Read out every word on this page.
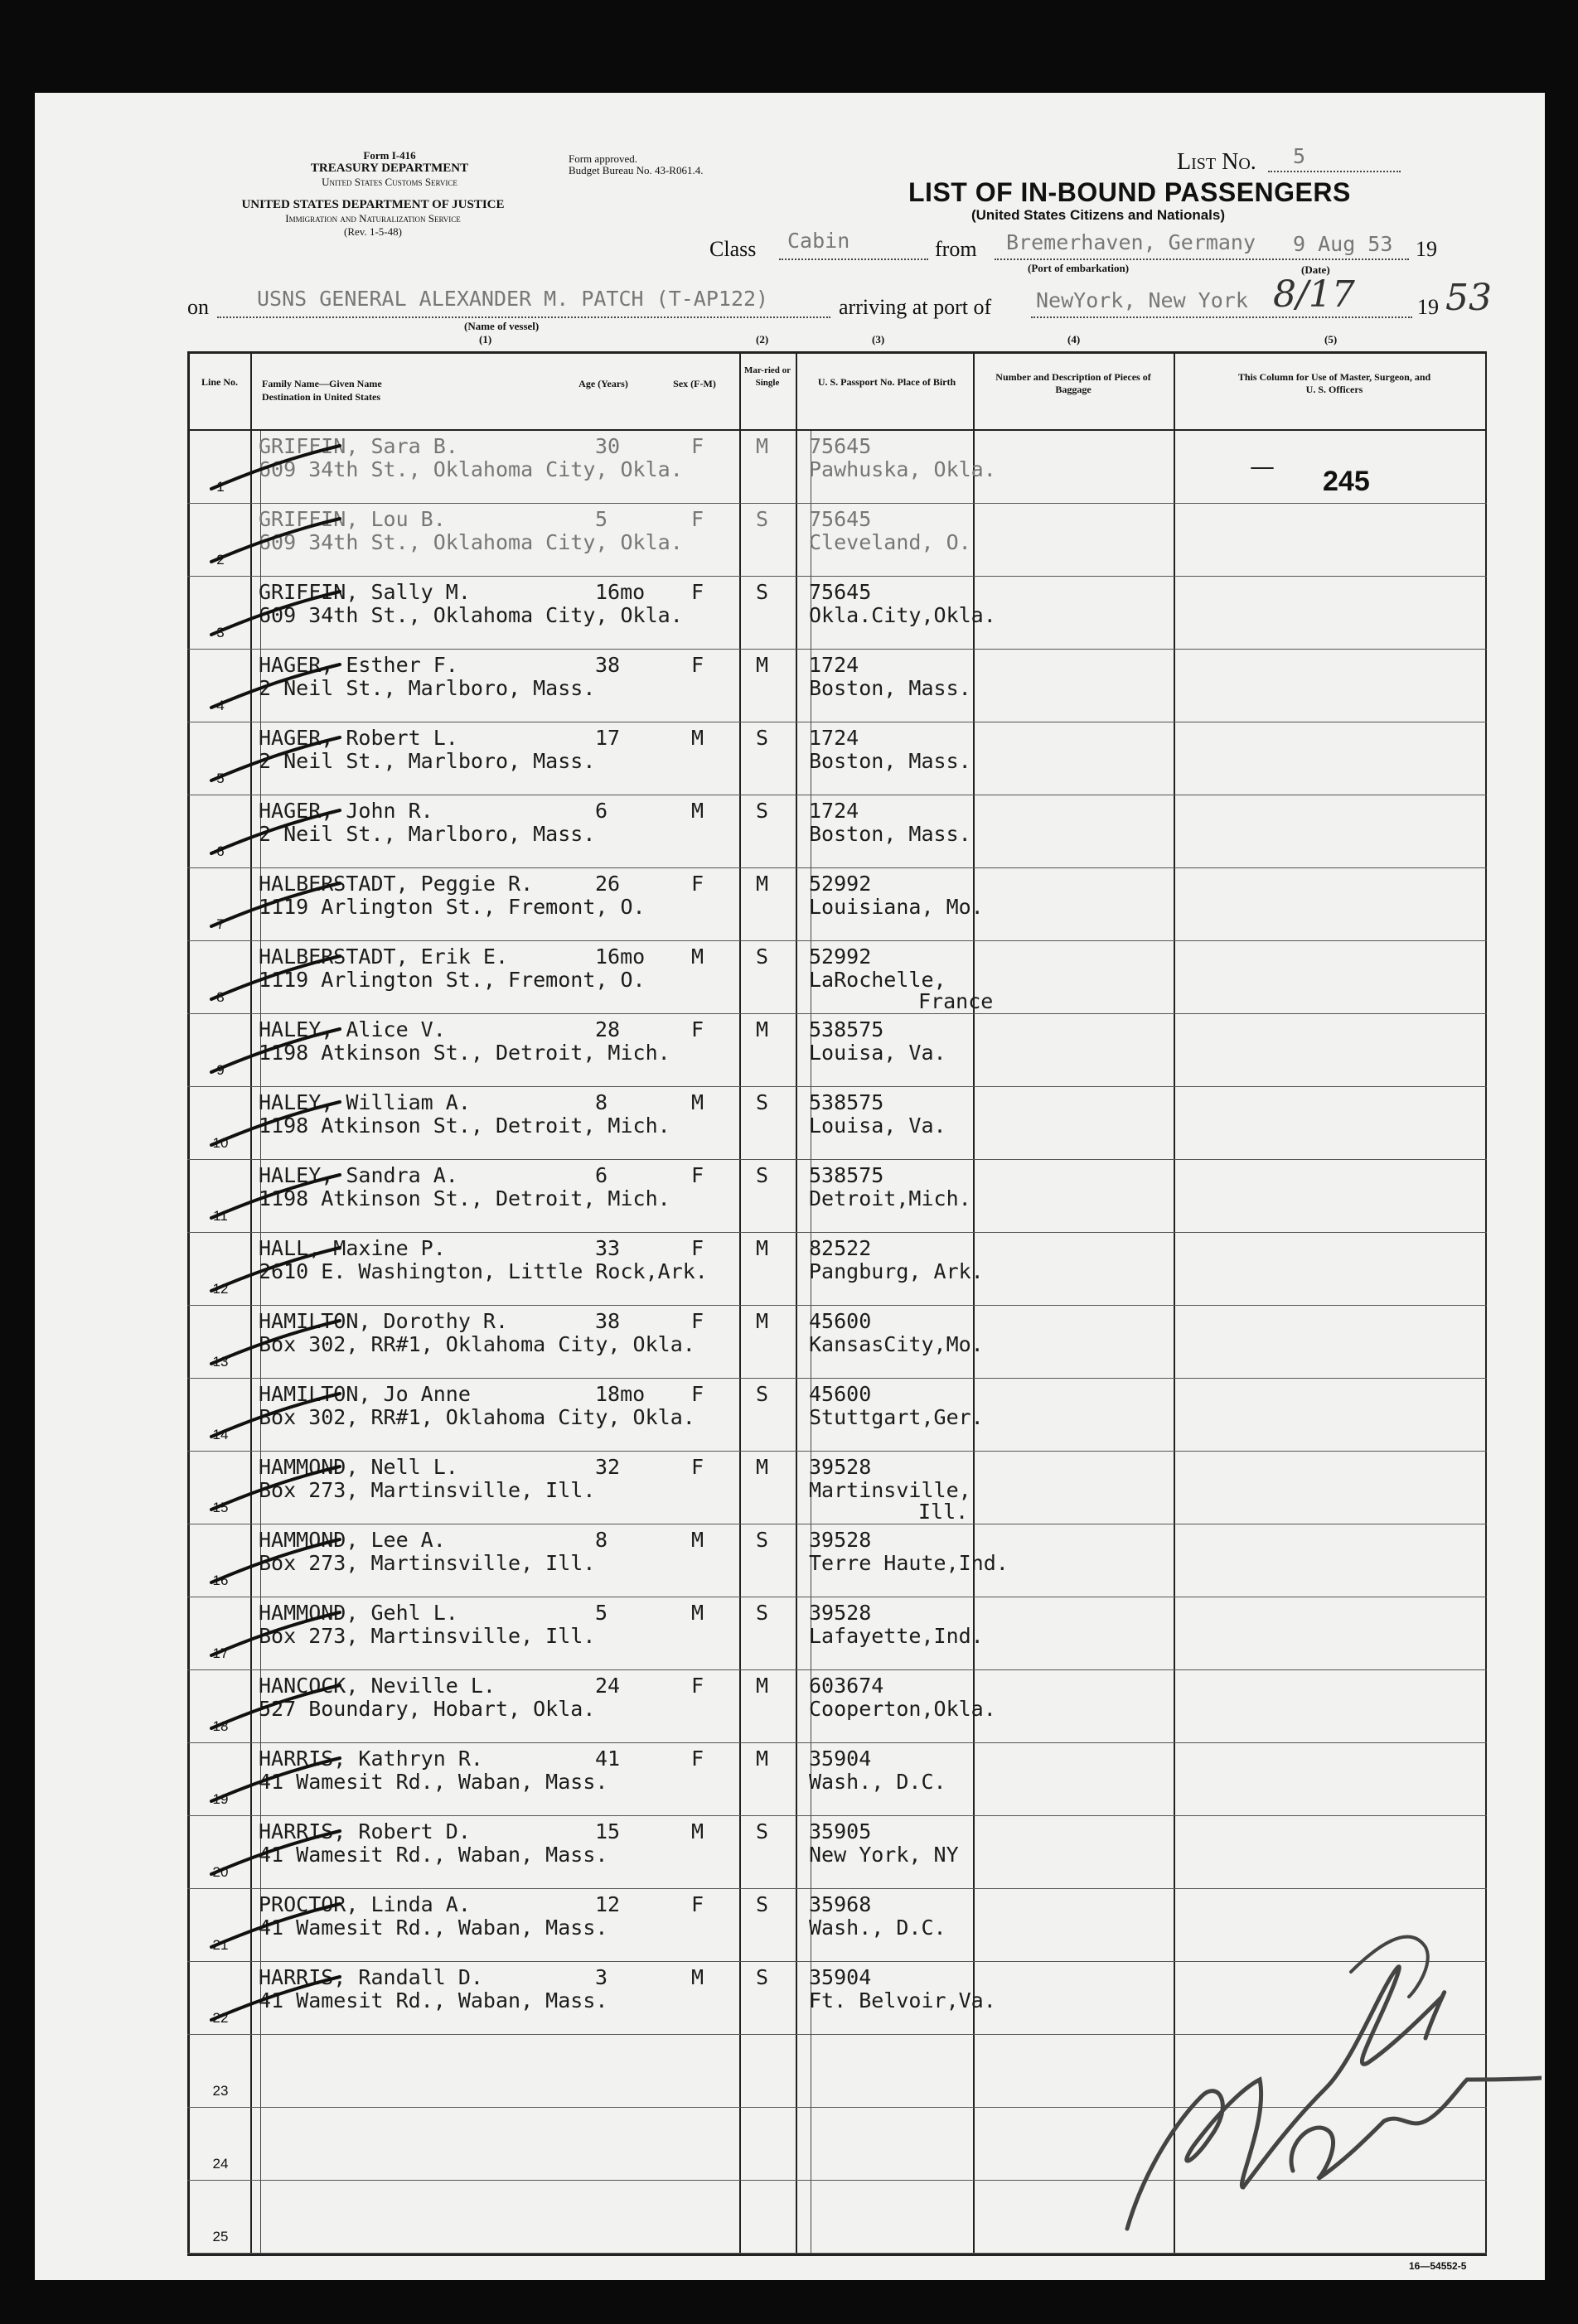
Form I-416
TREASURY DEPARTMENT
United States Customs Service
UNITED STATES DEPARTMENT OF JUSTICE
Immigration and Naturalization Service
(Rev. 1-5-48)
Form approved.
Budget Bureau No. 43-R061.4.	List No. 5
LIST OF IN-BOUND PASSENGERS
(United States Citizens and Nationals)
Class Cabin	from Bremerhaven, Germany 9 Aug 53 19
(Port of embarkation)	(Date)
on USNS GENERAL ALEXANDER M. PATCH (T-AP122)
(Name of vessel)
arriving at port of NewYork, New York 8/17	19 53
(1)	(2)	(3)	(4)	(5)
Line No.	Family Name—Given Name
Destination in United States
Age (Years)	Sex (F-M)
Mar-ried or Single	U. S. Passport No. Place of Birth	Number and Description of Pieces of Baggage
This Column for Use of Master, Surgeon, and U. S. Officers
1
GRIFFIN, Sara B.
609 34th St., Oklahoma City, Okla.
30	F	M 75645
Pawhuska, Okla.
2
GRIFFIN, Lou B.
609 34th St., Oklahoma City, Okla.
5	F	S 75645
Cleveland, O.
3
GRIFFIN, Sally M.
609 34th St., Oklahoma City, Okla.
16mo F	S 75645
Okla.City,Okla.
4
HAGER, Esther F.
2 Neil St., Marlboro, Mass.
38	F	M 1724
Boston, Mass.
5
HAGER, Robert L.
2 Neil St., Marlboro, Mass.
17	M	S 1724
Boston, Mass.
6
HAGER, John R.
2 Neil St., Marlboro, Mass.
6	M	S 1724
Boston, Mass.
7
HALBERSTADT, Peggie R.
1119 Arlington St., Fremont, O.
26	F	M 52992
Louisiana, Mo.
8
HALBERSTADT, Erik E.
1119 Arlington St., Fremont, O.
16mo M	S 52992
LaRochelle,
France
9
HALEY, Alice V.
1198 Atkinson St., Detroit, Mich.
28	F	M 538575
Louisa, Va.
10
HALEY, William A.
1198 Atkinson St., Detroit, Mich.
8	M	S 538575
Louisa, Va.
11
HALEY, Sandra A.
1198 Atkinson St., Detroit, Mich.
6	F	S 538575
Detroit,Mich.
12
HALL, Maxine P.
2610 E. Washington, Little Rock,Ark.
33	F	M 82522
Pangburg, Ark.
13
HAMILTON, Dorothy R.
Box 302, RR#1, Oklahoma City, Okla.
38	F	M 45600
KansasCity,Mo.
14
HAMILTON, Jo Anne
Box 302, RR#1, Oklahoma City, Okla.
18mo F	S 45600
Stuttgart,Ger.
15
HAMMOND, Nell L.
Box 273, Martinsville, Ill.
32	F	M 39528
Martinsville,
Ill.
16
HAMMOND, Lee A.
Box 273, Martinsville, Ill.
8	M	S 39528
Terre Haute,Ind.
17
HAMMOND, Gehl L.
Box 273, Martinsville, Ill.
5	M	S 39528
Lafayette,Ind.
18
HANCOCK, Neville L.
527 Boundary, Hobart, Okla.
24	F	M 603674
Cooperton,Okla.
19
HARRIS, Kathryn R.
41 Wamesit Rd., Waban, Mass.
41	F	M 35904
Wash., D.C.
20
HARRIS, Robert D.
41 Wamesit Rd., Waban, Mass.
15	M	S 35905
New York, NY
21
PROCTOR, Linda A.
41 Wamesit Rd., Waban, Mass.
12	F	S 35968
Wash., D.C.
22
HARRIS, Randall D.
41 Wamesit Rd., Waban, Mass.
3	M	S 35904
Ft. Belvoir,Va.
23
24
25
— 245
16—54552-5
